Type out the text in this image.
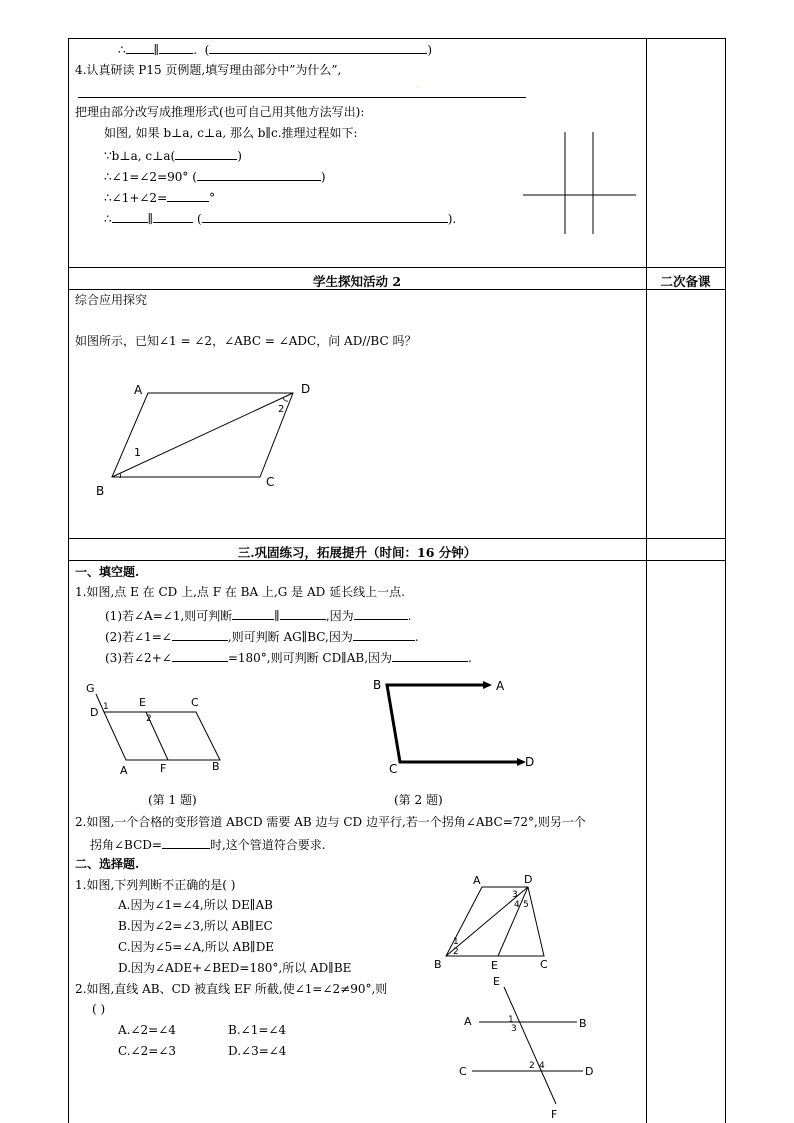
∴ ∥	. (	)
4.认真研读 P15 页例题,填写理由部分中”为什么”,
·
把理由部分改写成推理形式(也可自己用其他方法写出):
如图, 如果 b⊥a, c⊥a, 那么 b∥c.推理过程如下:
∵b⊥a, c⊥a(	)
∴∠1=∠2=90° (	)
∴∠1+∠2=	°
∴	∥	(	).
学生探知活动 2	二次备课
综合应用探究
如图所示，已知∠1 = ∠2，∠ABC = ∠ADC，问 AD//BC 吗？
A	D
B
C
1
2
三.巩固练习，拓展提升（时间：16 分钟）
一、填空题.
1.如图,点 E 在 CD 上,点 F 在 BA 上,G 是 AD 延长线上一点.
(1)若∠A=∠1,则可判断	∥	,因为	.
(2)若∠1=∠	,则可判断 AG∥BC,因为	.
(3)若∠2+∠	=180°,则可判断 CD∥AB,因为	.
G
D 1	E
2
C
A	F	B
(第 1 题)
B	A
C	D
(第 2 题)
2.如图,一个合格的变形管道 ABCD 需要 AB 边与 CD 边平行,若一个拐角∠ABC=72°,则另一个
拐角∠BCD=	时,这个管道符合要求.
二、选择题.
1.如图,下列判断不正确的是( )
A.因为∠1=∠4,所以 DE∥AB
B.因为∠2=∠3,所以 AB∥EC
C.因为∠5=∠A,所以 AB∥DE
D.因为∠ADE+∠BED=180°,所以 AD∥BE
A	D
3
4 5
1
2
B	E	C
2.如图,直线 AB、CD 被直线 EF 所截,使∠1=∠2≠90°,则
( )
A.∠2=∠4	B.∠1=∠4
C.∠2=∠3	D.∠3=∠4
E
A	1
3	B
C	2 4	D
F
